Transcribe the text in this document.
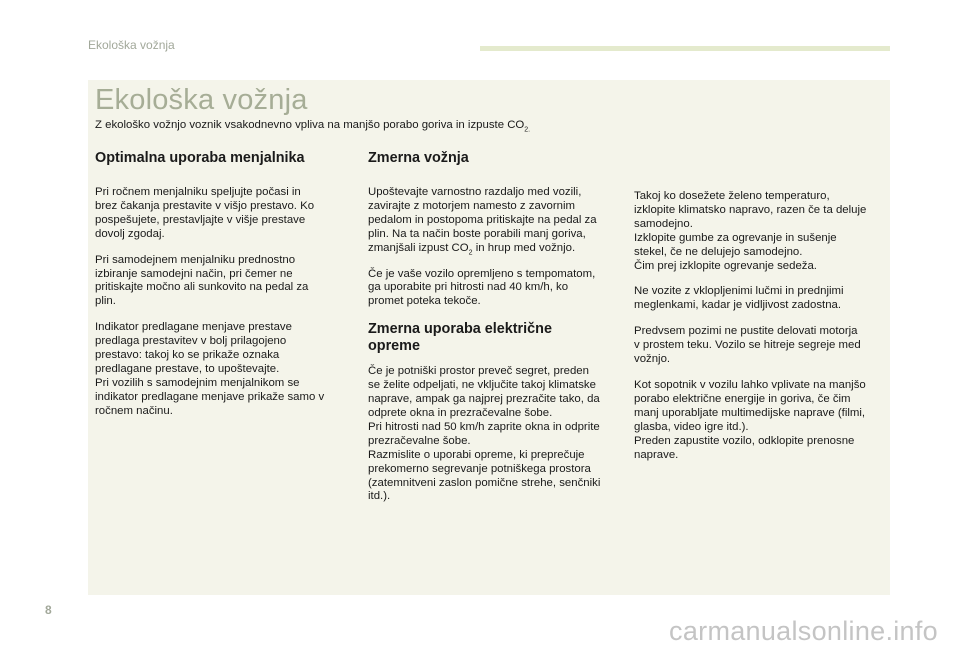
Ekološka vožnja
Ekološka vožnja
Z ekološko vožnjo voznik vsakodnevno vpliva na manjšo porabo goriva in izpuste $CO_{2.}$
Optimalna uporaba menjalnika

Pri ročnem menjalniku speljujte počasi in
brez čakanja prestavite v višjo prestavo. Ko
pospešujete, prestavljajte v višje prestave
dovolj zgodaj.

Pri samodejnem menjalniku prednostno
izbiranje samodejni način, pri čemer ne
pritiskajte močno ali sunkovito na pedal za
plin.

Indikator predlagane menjave prestave
predlaga prestavitev v bolj prilagojeno
prestavo: takoj ko se prikaže oznaka
predlagane prestave, to upoštevajte.
Pri vozilih s samodejnim menjalnikom se
indikator predlagane menjave prikaže samo v
ročnem načinu.

Zmerna vožnja

Upoštevajte varnostno razdaljo med vozili,
zavirajte z motorjem namesto z zavornim
pedalom in postopoma pritiskajte na pedal za
plin. Na ta način boste porabili manj goriva,
zmanjšali izpust $CO_2$ in hrup med vožnjo.

Če je vaše vozilo opremljeno s tempomatom,
ga uporabite pri hitrosti nad 40 km/h, ko
promet poteka tekoče.

Zmerna uporaba električne
opreme

Če je potniški prostor preveč segret, preden
se želite odpeljati, ne vključite takoj klimatske
naprave, ampak ga najprej prezračite tako, da
odprete okna in prezračevalne šobe.
Pri hitrosti nad 50 km/h zaprite okna in odprite
prezračevalne šobe.
Razmislite o uporabi opreme, ki preprečuje
prekomerno segrevanje potniškega prostora
(zatemnitveni zaslon pomične strehe, senčniki
itd.).

Takoj ko dosežete želeno temperaturo,
izklopite klimatsko napravo, razen če ta deluje
samodejno.
Izklopite gumbe za ogrevanje in sušenje
stekel, če ne delujejo samodejno.
Čim prej izklopite ogrevanje sedeža.

Ne vozite z vklopljenimi lučmi in prednjimi
meglenkami, kadar je vidljivost zadostna.

Predvsem pozimi ne pustite delovati motorja
v prostem teku. Vozilo se hitreje segreje med
vožnjo.

Kot sopotnik v vozilu lahko vplivate na manjšo
porabo električne energije in goriva, če čim
manj uporabljate multimedijske naprave (filmi,
glasba, video igre itd.).
Preden zapustite vozilo, odklopite prenosne
naprave.

8
carmanualsonline.info
